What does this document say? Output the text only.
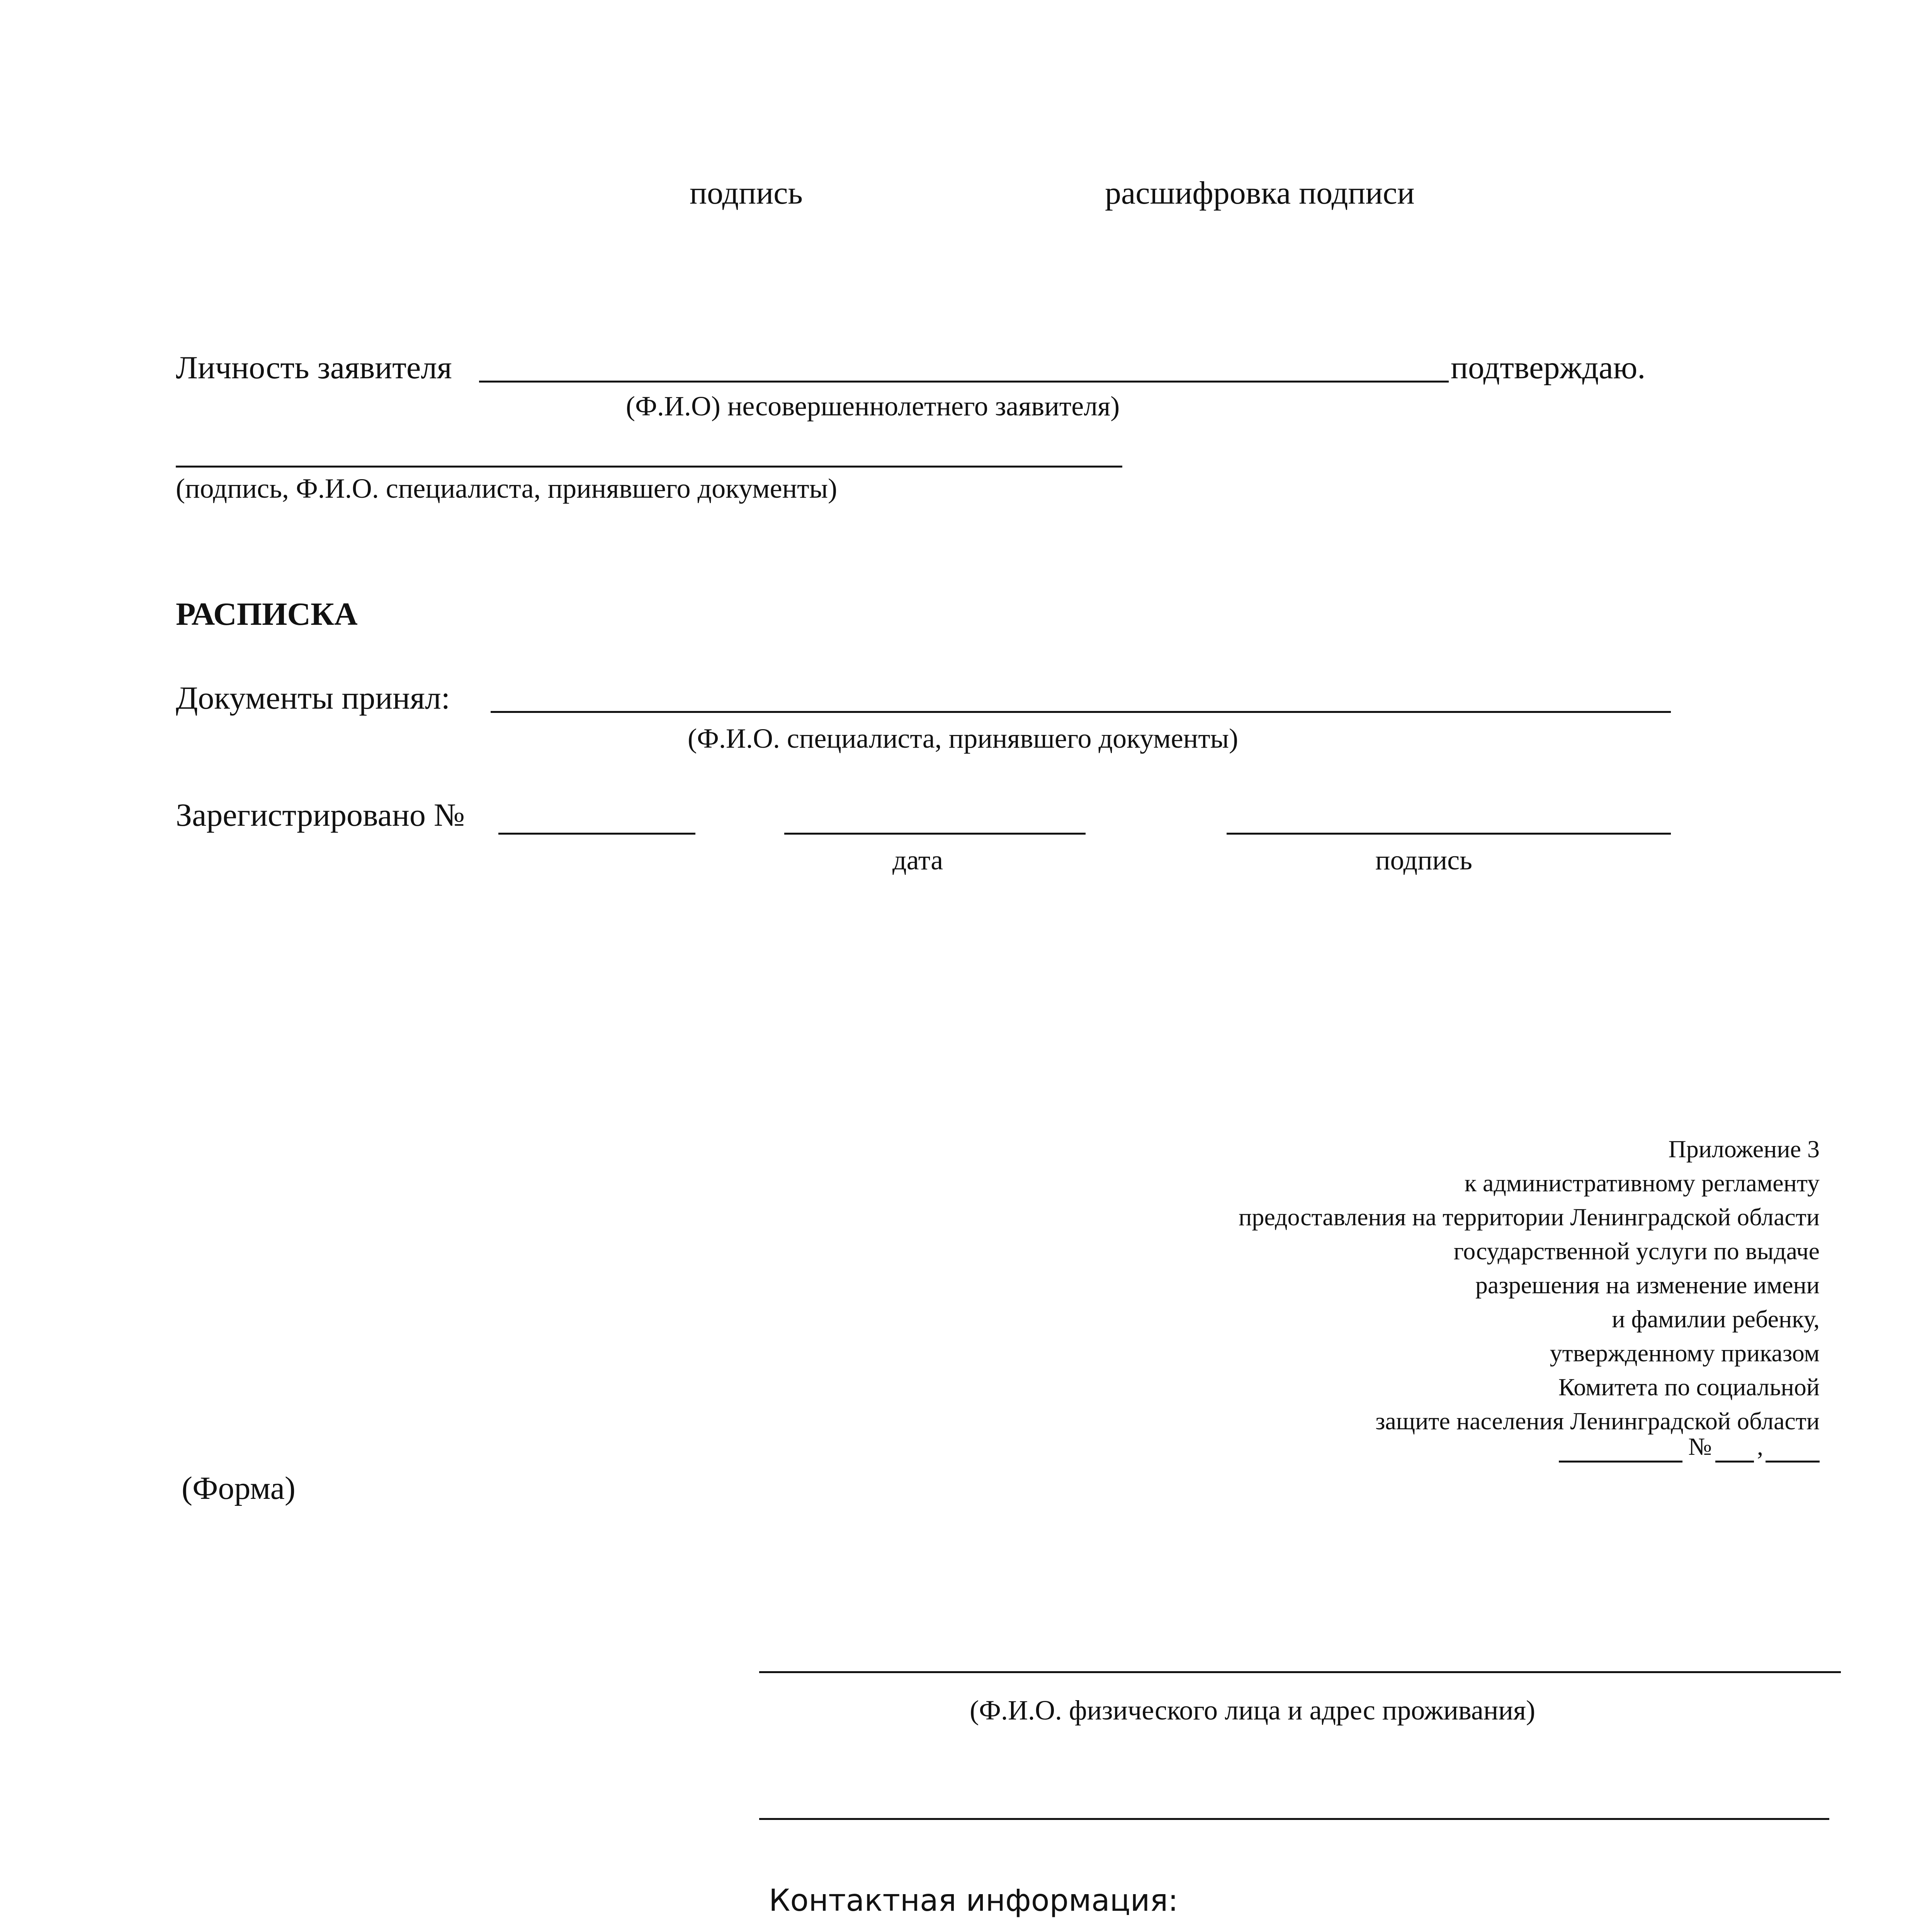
подпись	расшифровка подписи
Личность заявителя	подтверждаю.
(Ф.И.О) несовершеннолетнего заявителя)
(подпись, Ф.И.О. специалиста, принявшего документы)
РАСПИСКА
Документы принял:
(Ф.И.О. специалиста, принявшего документы)
Зарегистрировано №
дата	подпись
Приложение 3
к административному регламенту
предоставления на территории Ленинградской области
государственной услуги по выдаче
разрешения на изменение имени
и фамилии ребенку,
утвержденному приказом
Комитета по социальной
защите населения Ленинградской области
№ ,
(Форма)
(Ф.И.О. физического лица и адрес проживания)
Контактная информация:
